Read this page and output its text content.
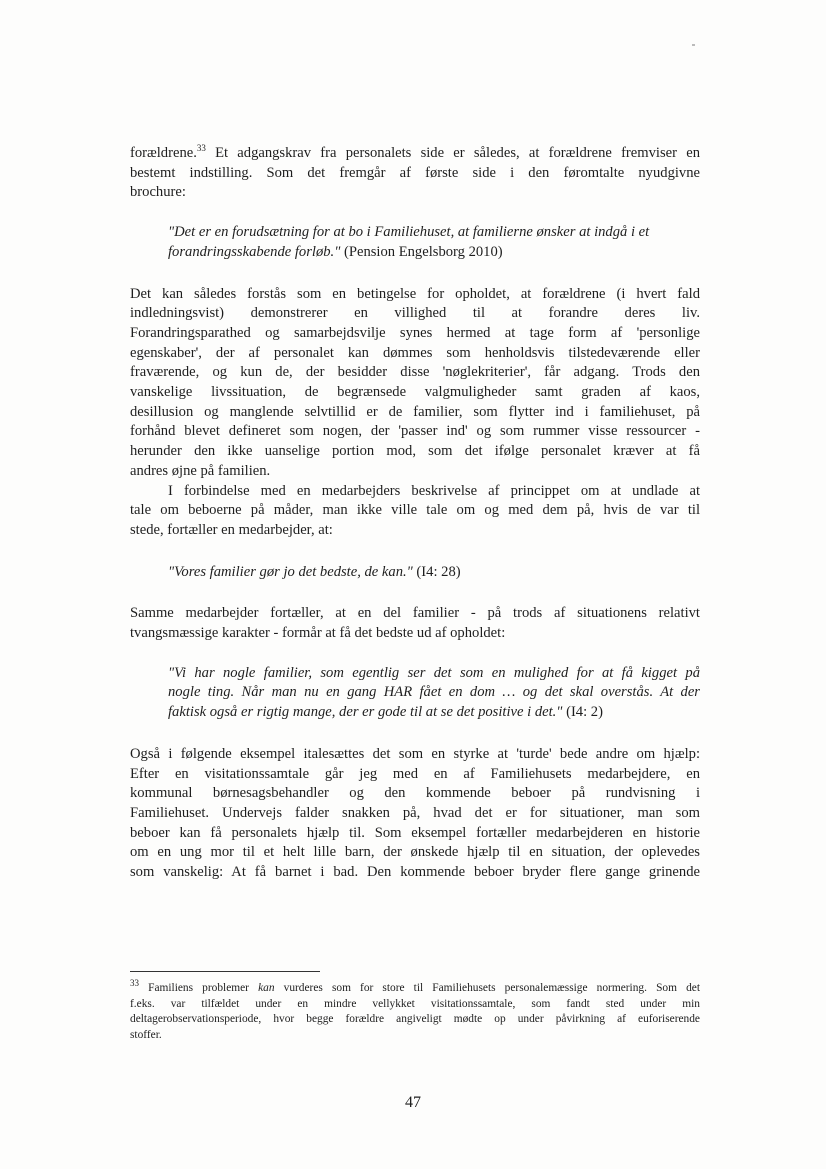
forældrene.$^{33}$ Et adgangskrav fra personalets side er således, at forældrene fremviser en

bestemt indstilling. Som det fremgår af første side i den føromtalte nyudgivne

brochure:

"Det er en forudsætning for at bo i Familiehuset, at familierne ønsker at indgå i et

forandringsskabende forløb." (Pension Engelsborg 2010)

Det kan således forstås som en betingelse for opholdet, at forældrene (i hvert fald

indledningsvist) demonstrerer en villighed til at forandre deres liv.

Forandringsparathed og samarbejdsvilje synes hermed at tage form af 'personlige

egenskaber', der af personalet kan dømmes som henholdsvis tilstedeværende eller

fraværende, og kun de, der besidder disse 'nøglekriterier', får adgang. Trods den

vanskelige livssituation, de begrænsede valgmuligheder samt graden af kaos,

desillusion og manglende selvtillid er de familier, som flytter ind i familiehuset, på

forhånd blevet defineret som nogen, der 'passer ind' og som rummer visse ressourcer -

herunder den ikke uanselige portion mod, som det ifølge personalet kræver at få

andres øjne på familien.

I forbindelse med en medarbejders beskrivelse af princippet om at undlade at

tale om beboerne på måder, man ikke ville tale om og med dem på, hvis de var til

stede, fortæller en medarbejder, at:

"Vores familier gør jo det bedste, de kan." (I4: 28)

Samme medarbejder fortæller, at en del familier - på trods af situationens relativt

tvangsmæssige karakter - formår at få det bedste ud af opholdet:

"Vi har nogle familier, som egentlig ser det som en mulighed for at få kigget på

nogle ting. Når man nu en gang HAR fået en dom … og det skal overstås. At der

faktisk også er rigtig mange, der er gode til at se det positive i det." (I4: 2)

Også i følgende eksempel italesættes det som en styrke at 'turde' bede andre om hjælp:

Efter en visitationssamtale går jeg med en af Familiehusets medarbejdere, en

kommunal børnesagsbehandler og den kommende beboer på rundvisning i

Familiehuset. Undervejs falder snakken på, hvad det er for situationer, man som

beboer kan få personalets hjælp til. Som eksempel fortæller medarbejderen en historie

om en ung mor til et helt lille barn, der ønskede hjælp til en situation, der oplevedes

som vanskelig: At få barnet i bad. Den kommende beboer bryder flere gange grinende

$^{33}$ Familiens problemer kan vurderes som for store til Familiehusets personalemæssige normering. Som det

f.eks. var tilfældet under en mindre vellykket visitationssamtale, som fandt sted under min

deltagerobservationsperiode, hvor begge forældre angiveligt mødte op under påvirkning af euforiserende

stoffer.

47
